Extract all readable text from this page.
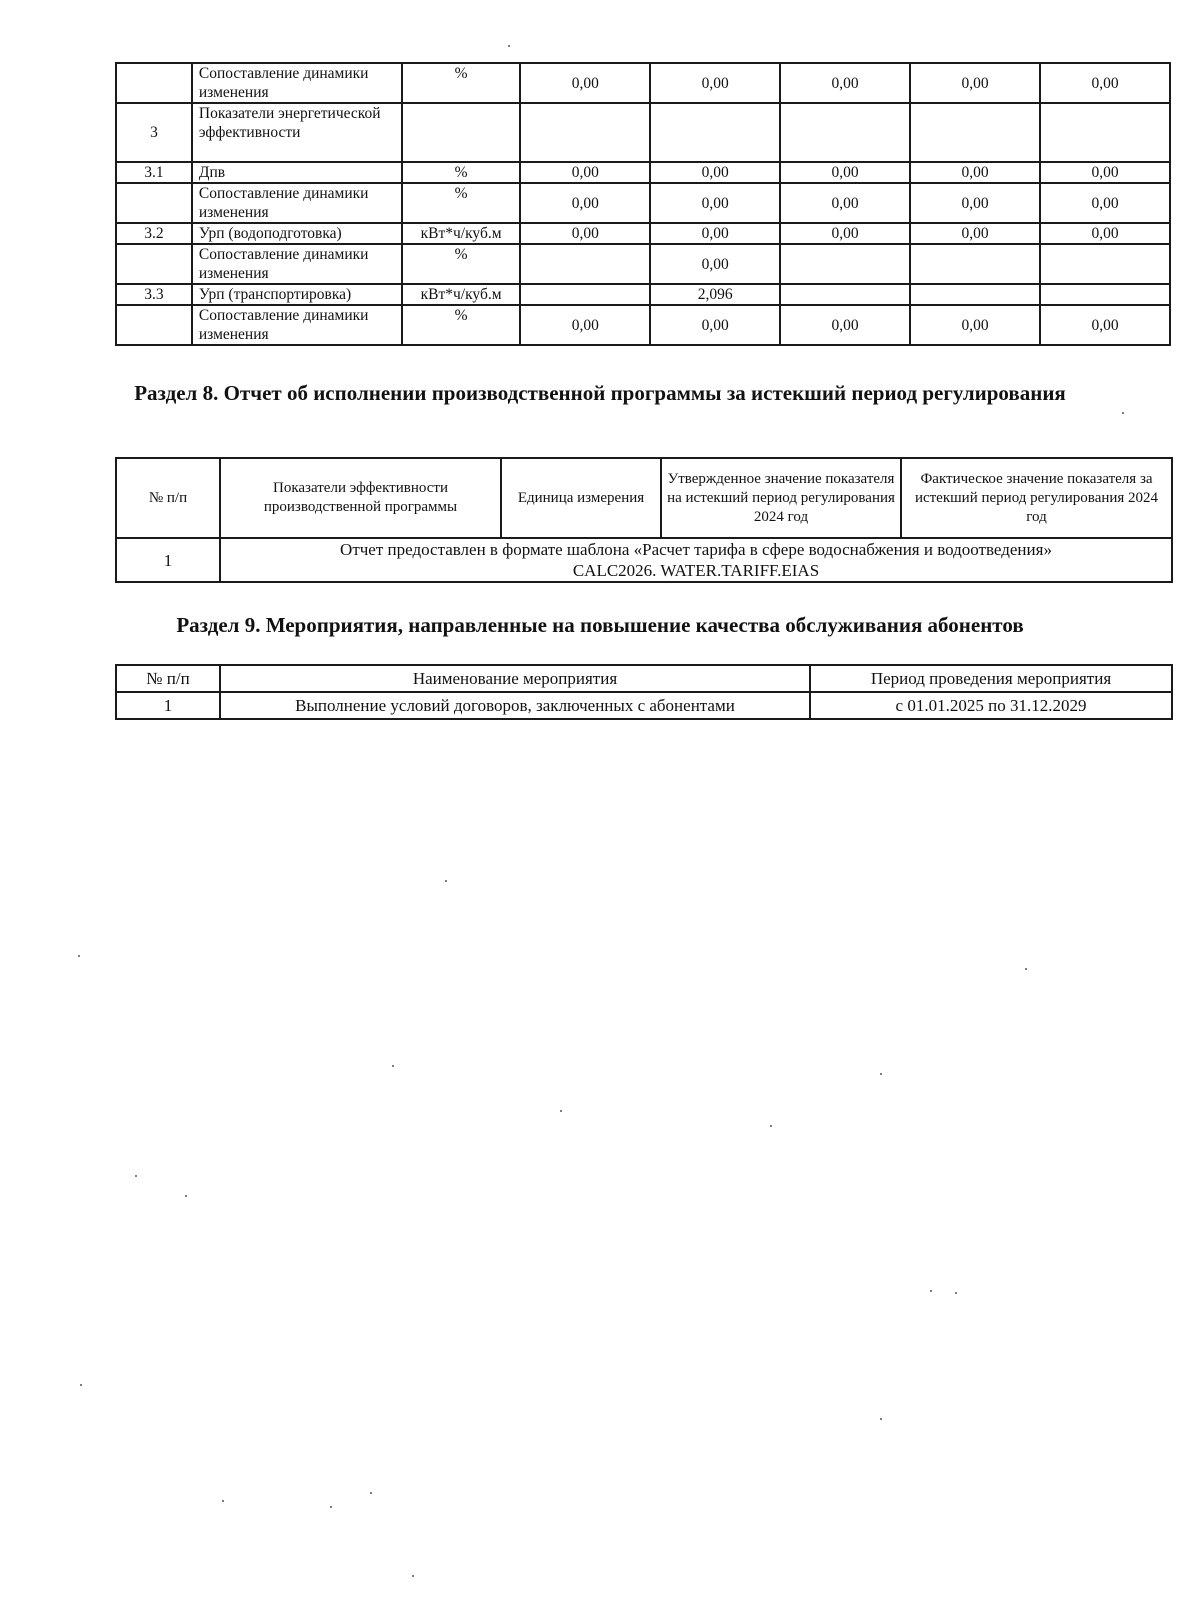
	Сопоставление динамики изменения	%	0,00	0,00	0,00	0,00	0,00
3	Показатели энергетической эффективности						
3.1	Дпв	%	0,00	0,00	0,00	0,00	0,00
	Сопоставление динамики изменения	%	0,00	0,00	0,00	0,00	0,00
3.2	Урп (водоподготовка)	кВт*ч/куб.м	0,00	0,00	0,00	0,00	0,00
	Сопоставление динамики изменения	%		0,00			
3.3	Урп (транспортировка)	кВт*ч/куб.м		2,096			
	Сопоставление динамики изменения	%	0,00	0,00	0,00	0,00	0,00
Раздел 8. Отчет об исполнении производственной программы за истекший период регулирования
№ п/п	Показатели эффективности производственной программы	Единица измерения	Утвержденное значение показателя на истекший период регулирования 2024 год	Фактическое значение показателя за истекший период регулирования 2024 год
1	Отчет предоставлен в формате шаблона «Расчет тарифа в сфере водоснабжения и водоотведения»
CALC2026. WATER.TARIFF.EIAS			
Раздел 9. Мероприятия, направленные на повышение качества обслуживания абонентов
№ п/п	Наименование мероприятия	Период проведения мероприятия
1	Выполнение условий договоров, заключенных с абонентами	с 01.01.2025 по 31.12.2029
